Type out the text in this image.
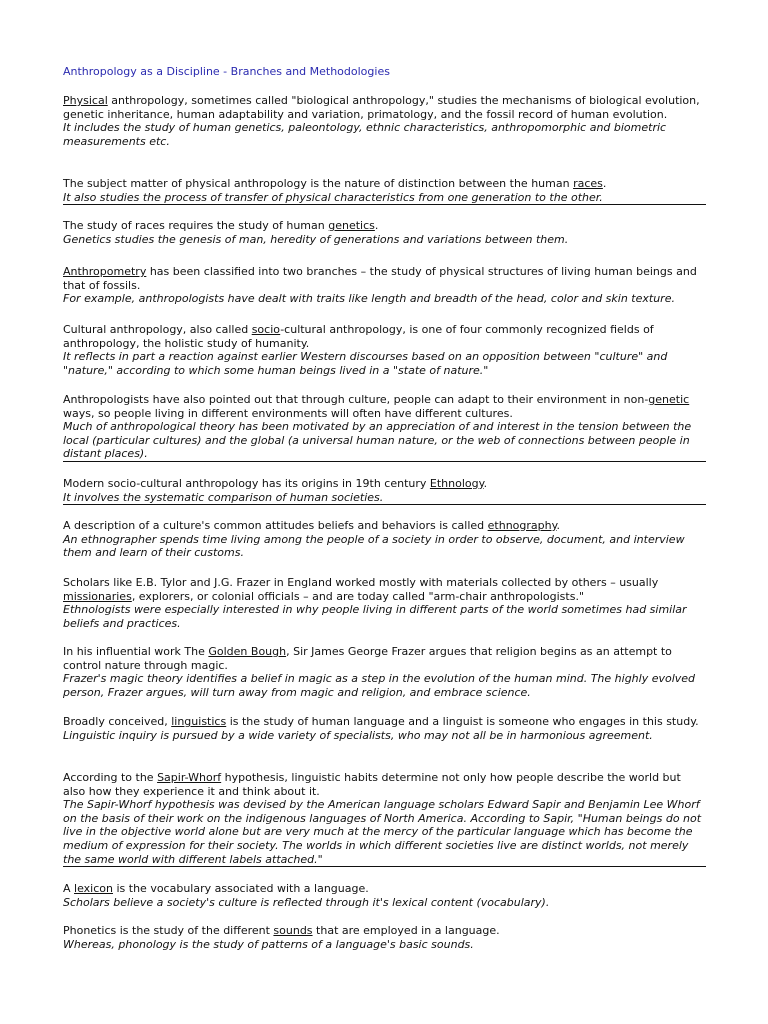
Anthropology as a Discipline - Branches and Methodologies

Physical anthropology, sometimes called "biological anthropology," studies the mechanisms of biological evolution, genetic inheritance, human adaptability and variation, primatology, and the fossil record of human evolution.

It includes the study of human genetics, paleontology, ethnic characteristics, anthropomorphic and biometric measurements etc.

The subject matter of physical anthropology is the nature of distinction between the human races.

It also studies the process of transfer of physical characteristics from one generation to the other.

The study of races requires the study of human genetics.

Genetics studies the genesis of man, heredity of generations and variations between them.

Anthropometry has been classified into two branches – the study of physical structures of living human beings and that of fossils.

For example, anthropologists have dealt with traits like length and breadth of the head, color and skin texture.

Cultural anthropology, also called socio-cultural anthropology, is one of four commonly recognized fields of anthropology, the holistic study of humanity.

It reflects in part a reaction against earlier Western discourses based on an opposition between "culture" and "nature," according to which some human beings lived in a "state of nature."

Anthropologists have also pointed out that through culture, people can adapt to their environment in non-genetic ways, so people living in different environments will often have different cultures.

Much of anthropological theory has been motivated by an appreciation of and interest in the tension between the local (particular cultures) and the global (a universal human nature, or the web of connections between people in distant places).

Modern socio-cultural anthropology has its origins in 19th century Ethnology.

It involves the systematic comparison of human societies.

A description of a culture's common attitudes beliefs and behaviors is called ethnography.

An ethnographer spends time living among the people of a society in order to observe, document, and interview them and learn of their customs.

Scholars like E.B. Tylor and J.G. Frazer in England worked mostly with materials collected by others – usually missionaries, explorers, or colonial officials – and are today called "arm-chair anthropologists."

Ethnologists were especially interested in why people living in different parts of the world sometimes had similar beliefs and practices.

In his influential work The Golden Bough, Sir James George Frazer argues that religion begins as an attempt to control nature through magic.

Frazer's magic theory identifies a belief in magic as a step in the evolution of the human mind. The highly evolved person, Frazer argues, will turn away from magic and religion, and embrace science.

Broadly conceived, linguistics is the study of human language and a linguist is someone who engages in this study.

Linguistic inquiry is pursued by a wide variety of specialists, who may not all be in harmonious agreement.

According to the Sapir-Whorf hypothesis, linguistic habits determine not only how people describe the world but also how they experience it and think about it.

The Sapir-Whorf hypothesis was devised by the American language scholars Edward Sapir and Benjamin Lee Whorf on the basis of their work on the indigenous languages of North America. According to Sapir, "Human beings do not live in the objective world alone but are very much at the mercy of the particular language which has become the medium of expression for their society. The worlds in which different societies live are distinct worlds, not merely the same world with different labels attached."

A lexicon is the vocabulary associated with a language.

Scholars believe a society's culture is reflected through it's lexical content (vocabulary).

Phonetics is the study of the different sounds that are employed in a language.

Whereas, phonology is the study of patterns of a language's basic sounds.
